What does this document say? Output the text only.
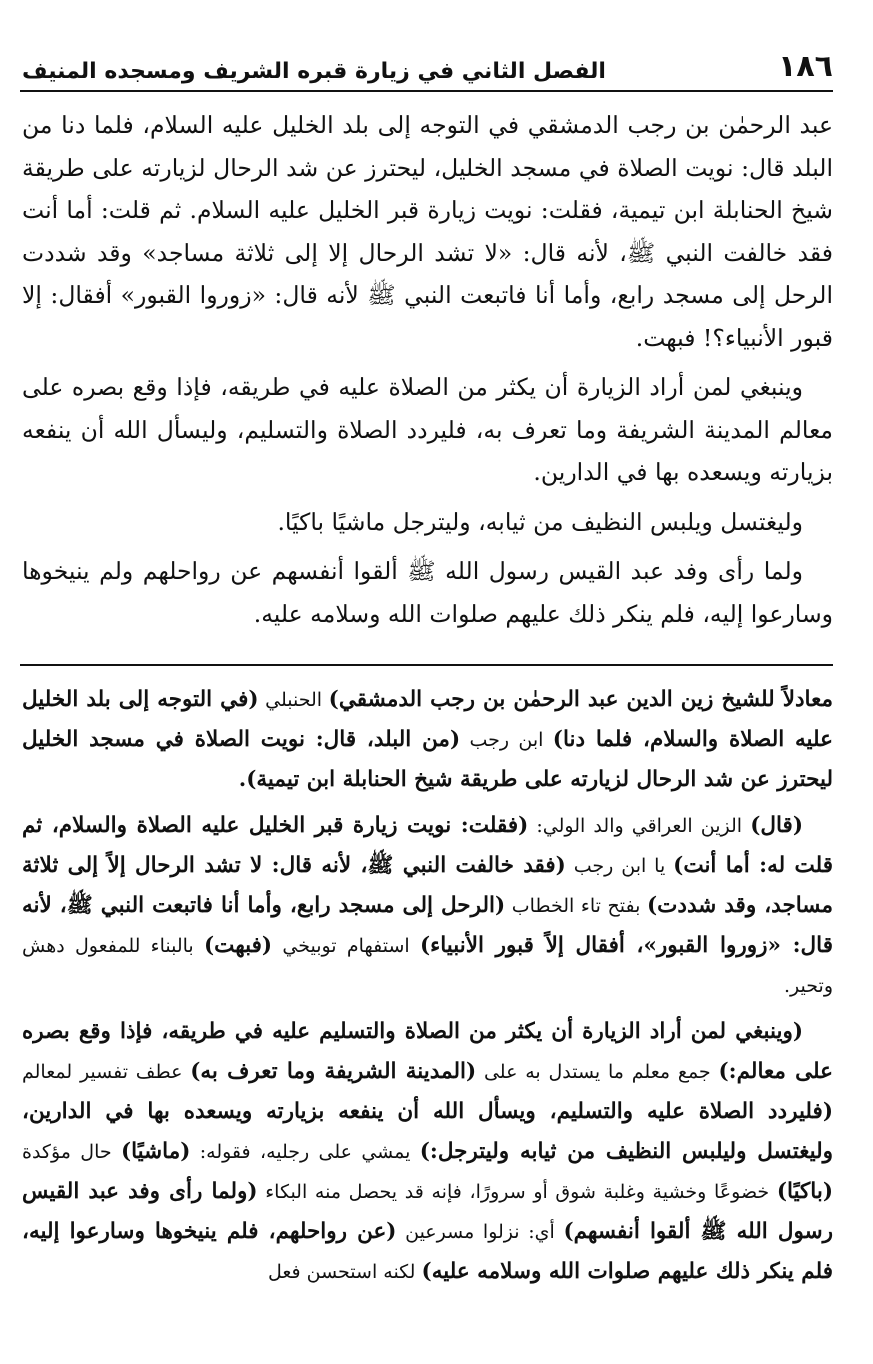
١٨٦
الفصل الثاني في زيارة قبره الشريف ومسجده المنيف

عبد الرحمٰن بن رجب الدمشقي في التوجه إلى بلد الخليل عليه السلام، فلما دنا من البلد قال: نويت الصلاة في مسجد الخليل، ليحترز عن شد الرحال لزيارته على طريقة شيخ الحنابلة ابن تيمية، فقلت: نويت زيارة قبر الخليل عليه السلام. ثم قلت: أما أنت فقد خالفت النبي ﷺ، لأنه قال: «لا تشد الرحال إلا إلى ثلاثة مساجد» وقد شددت الرحل إلى مسجد رابع، وأما أنا فاتبعت النبي ﷺ لأنه قال: «زوروا القبور» أفقال: إلا قبور الأنبياء؟! فبهت.

وينبغي لمن أراد الزيارة أن يكثر من الصلاة عليه في طريقه، فإذا وقع بصره على معالم المدينة الشريفة وما تعرف به، فليردد الصلاة والتسليم، وليسأل الله أن ينفعه بزيارته ويسعده بها في الدارين.

وليغتسل ويلبس النظيف من ثيابه، وليترجل ماشيًا باكيًا.

ولما رأى وفد عبد القيس رسول الله ﷺ ألقوا أنفسهم عن رواحلهم ولم ينيخوها وسارعوا إليه، فلم ينكر ذلك عليهم صلوات الله وسلامه عليه.

معادلاً للشيخ زين الدين عبد الرحمٰن بن رجب الدمشقي) الحنبلي (في التوجه إلى بلد الخليل عليه الصلاة والسلام، فلما دنا) ابن رجب (من البلد، قال: نويت الصلاة في مسجد الخليل ليحترز عن شد الرحال لزيارته على طريقة شيخ الحنابلة ابن تيمية).

(قال) الزين العراقي والد الولي: (فقلت: نويت زيارة قبر الخليل عليه الصلاة والسلام، ثم قلت له: أما أنت) يا ابن رجب (فقد خالفت النبي ﷺ، لأنه قال: لا تشد الرحال إلاً إلى ثلاثة مساجد، وقد شددت) بفتح تاء الخطاب (الرحل إلى مسجد رابع، وأما أنا فاتبعت النبي ﷺ، لأنه قال: «زوروا القبور»، أفقال إلاً قبور الأنبياء) استفهام توبيخي (فبهت) بالبناء للمفعول دهش وتحير.

(وينبغي لمن أراد الزيارة أن يكثر من الصلاة والتسليم عليه في طريقه، فإذا وقع بصره على معالم:) جمع معلم ما يستدل به على (المدينة الشريفة وما تعرف به) عطف تفسير لمعالم (فليردد الصلاة عليه والتسليم، ويسأل الله أن ينفعه بزيارته ويسعده بها في الدارين، وليغتسل وليلبس النظيف من ثيابه وليترجل:) يمشي على رجليه، فقوله: (ماشيًا) حال مؤكدة (باكيًا) خضوعًا وخشية وغلبة شوق أو سرورًا، فإنه قد يحصل منه البكاء (ولما رأى وفد عبد القيس رسول الله ﷺ ألقوا أنفسهم) أي: نزلوا مسرعين (عن رواحلهم، فلم ينيخوها وسارعوا إليه، فلم ينكر ذلك عليهم صلوات الله وسلامه عليه) لكنه استحسن فعل
